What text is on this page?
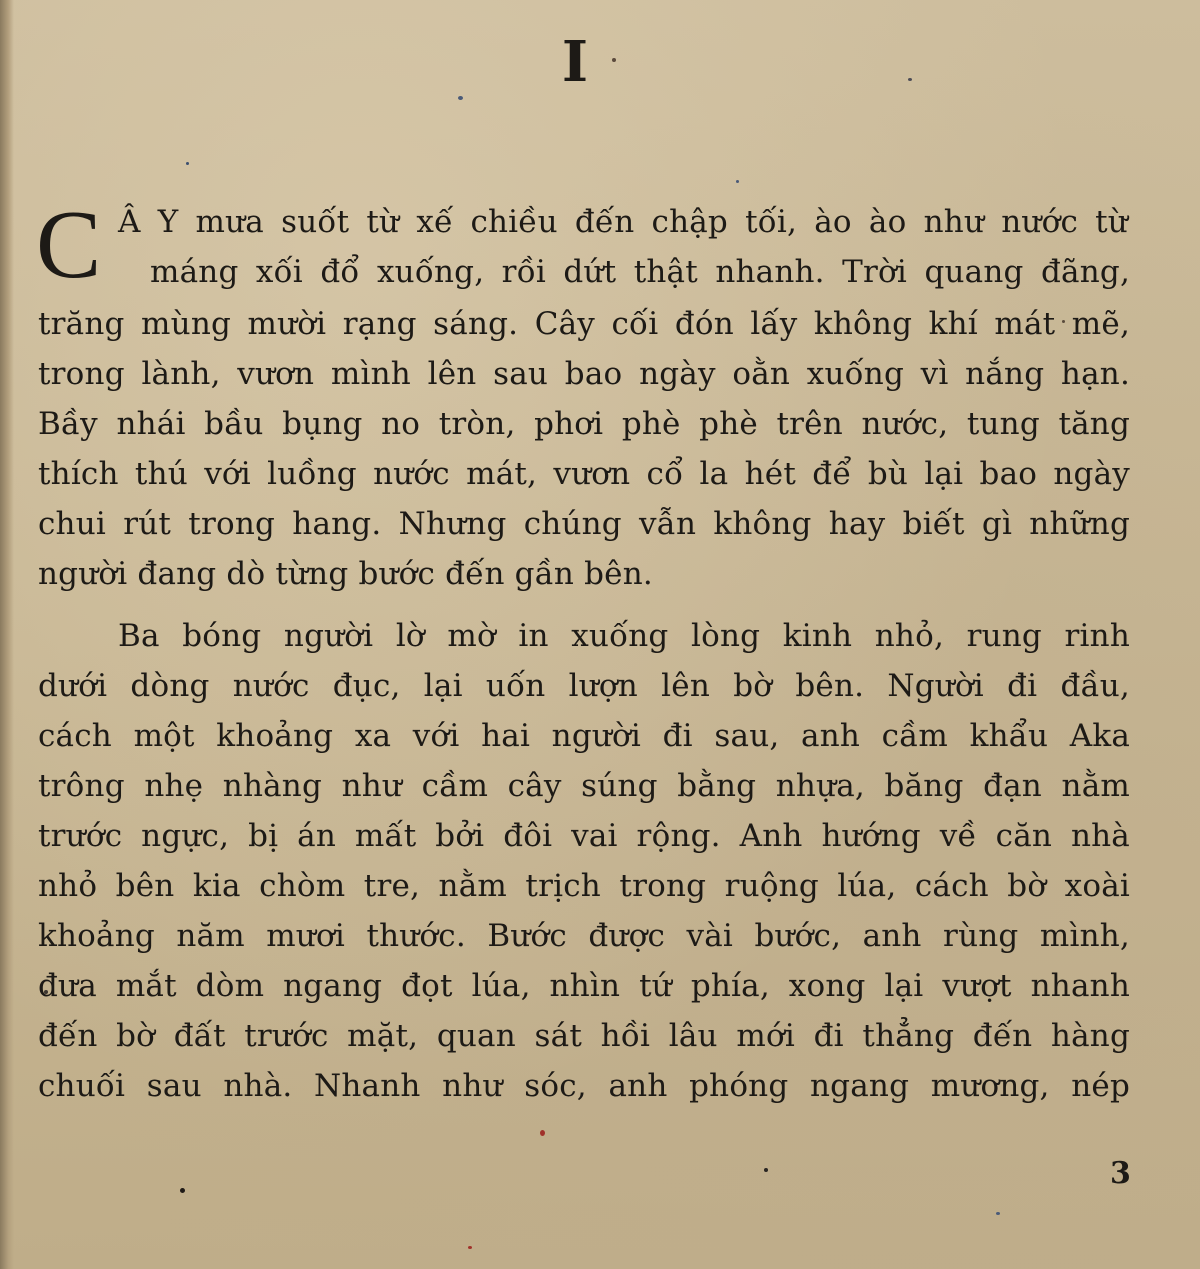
I
C Â Y mưa suốt từ xế chiều đến chập tối, ào ào như nước từ
máng xối đổ xuống, rồi dứt thật nhanh. Trời quang đãng,
trăng mùng mười rạng sáng. Cây cối đón lấy không khí mát mẽ,
trong lành, vươn mình lên sau bao ngày oằn xuống vì nắng hạn.
Bầy nhái bầu bụng no tròn, phơi phè phè trên nước, tung tăng
thích thú với luồng nước mát, vươn cổ la hét để bù lại bao ngày
chui rút trong hang. Nhưng chúng vẫn không hay biết gì những
người đang dò từng bước đến gần bên.
Ba bóng người lờ mờ in xuống lòng kinh nhỏ, rung rinh
dưới dòng nước đục, lại uốn lượn lên bờ bên. Người đi đầu,
cách một khoảng xa với hai người đi sau, anh cầm khẩu Aka
trông nhẹ nhàng như cầm cây súng bằng nhựa, băng đạn nằm
trước ngực, bị án mất bởi đôi vai rộng. Anh hướng về căn nhà
nhỏ bên kia chòm tre, nằm trịch trong ruộng lúa, cách bờ xoài
khoảng năm mươi thước. Bước được vài bước, anh rùng mình,
đưa mắt dòm ngang đọt lúa, nhìn tứ phía, xong lại vượt nhanh
đến bờ đất trước mặt, quan sát hồi lâu mới đi thẳng đến hàng
chuối sau nhà. Nhanh như sóc, anh phóng ngang mương, nép
3
